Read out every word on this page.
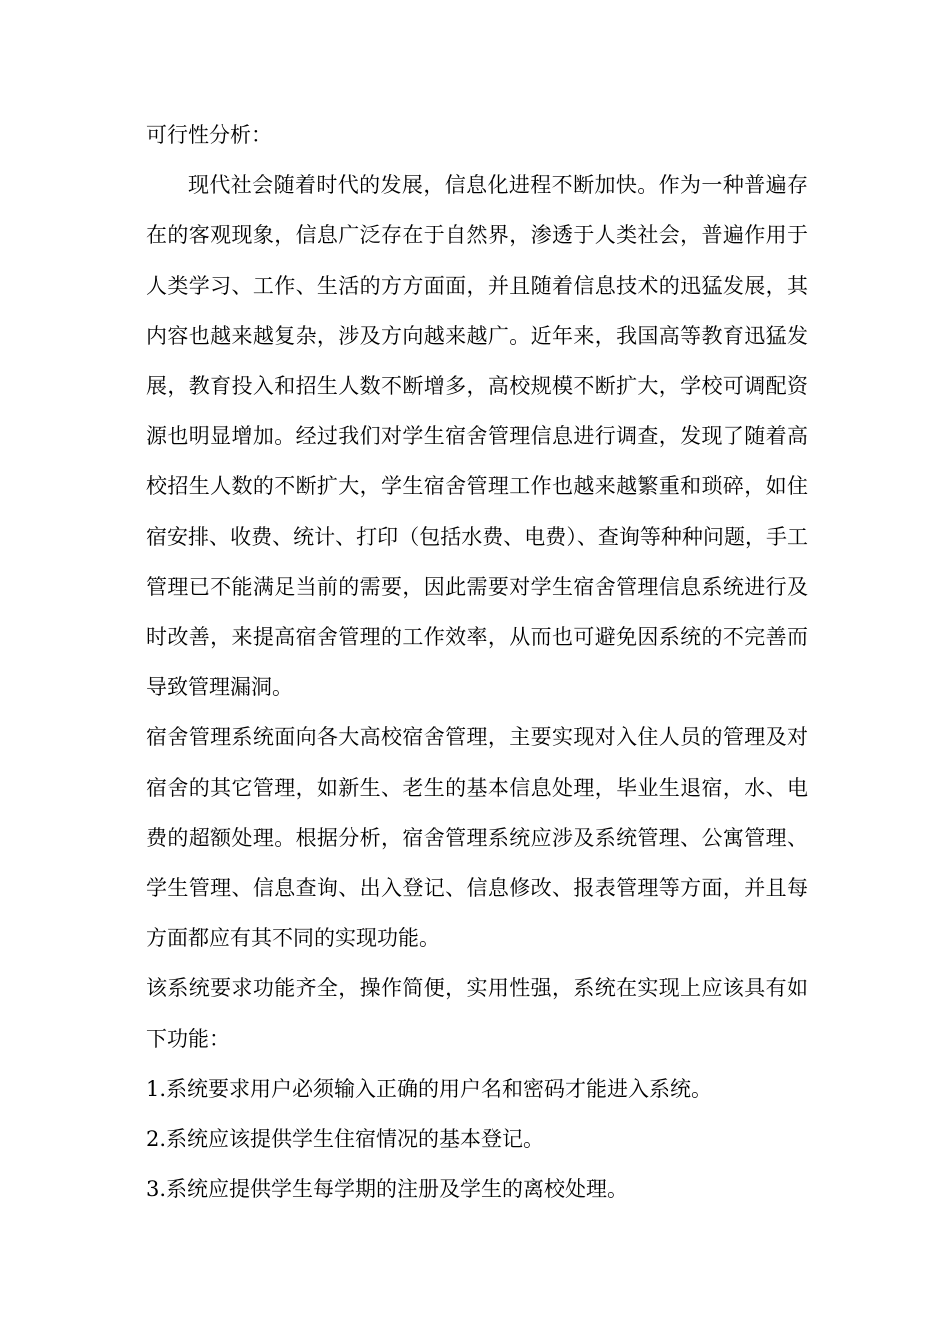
可行性分析：

现代社会随着时代的发展，信息化进程不断加快。作为一种普遍存在的客观现象，信息广泛存在于自然界，渗透于人类社会，普遍作用于人类学习、工作、生活的方方面面，并且随着信息技术的迅猛发展，其内容也越来越复杂，涉及方向越来越广。近年来，我国高等教育迅猛发展，教育投入和招生人数不断增多，高校规模不断扩大，学校可调配资源也明显增加。经过我们对学生宿舍管理信息进行调查，发现了随着高校招生人数的不断扩大，学生宿舍管理工作也越来越繁重和琐碎，如住宿安排、收费、统计、打印（包括水费、电费）、查询等种种问题，手工管理已不能满足当前的需要，因此需要对学生宿舍管理信息系统进行及时改善，来提高宿舍管理的工作效率，从而也可避免因系统的不完善而导致管理漏洞。

宿舍管理系统面向各大高校宿舍管理，主要实现对入住人员的管理及对宿舍的其它管理，如新生、老生的基本信息处理，毕业生退宿，水、电费的超额处理。根据分析，宿舍管理系统应涉及系统管理、公寓管理、学生管理、信息查询、出入登记、信息修改、报表管理等方面，并且每方面都应有其不同的实现功能。

该系统要求功能齐全，操作简便，实用性强，系统在实现上应该具有如下功能：

1.系统要求用户必须输入正确的用户名和密码才能进入系统。

2.系统应该提供学生住宿情况的基本登记。

3.系统应提供学生每学期的注册及学生的离校处理。
